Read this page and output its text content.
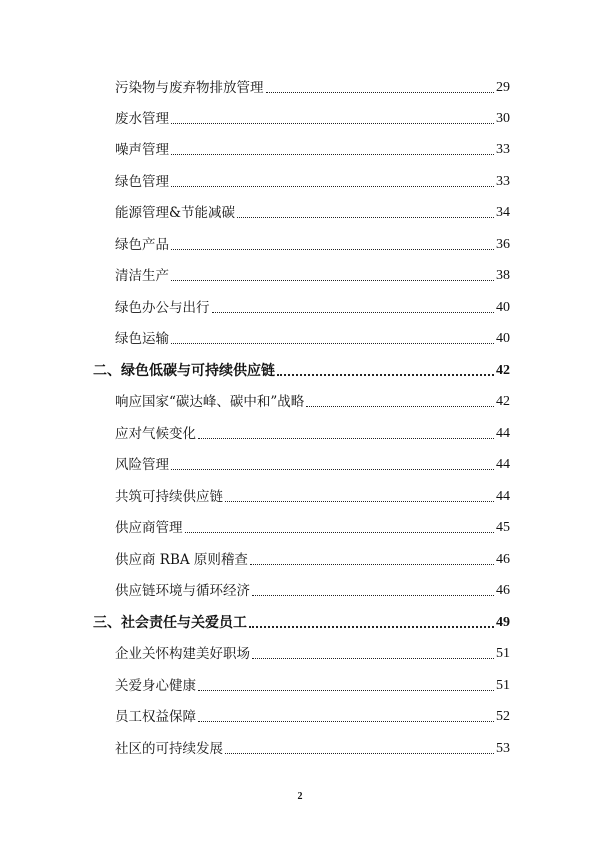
污染物与废弃物排放管理	29
废水管理	30
噪声管理	33
绿色管理	33
能源管理&节能减碳	34
绿色产品	36
清洁生产	38
绿色办公与出行	40
绿色运输	40
二、绿色低碳与可持续供应链	42
响应国家“碳达峰、碳中和”战略	42
应对气候变化	44
风险管理	44
共筑可持续供应链	44
供应商管理	45
供应商 RBA 原则稽查	46
供应链环境与循环经济	46
三、社会责任与关爱员工	49
企业关怀构建美好职场	51
关爱身心健康	51
员工权益保障	52
社区的可持续发展	53
2
